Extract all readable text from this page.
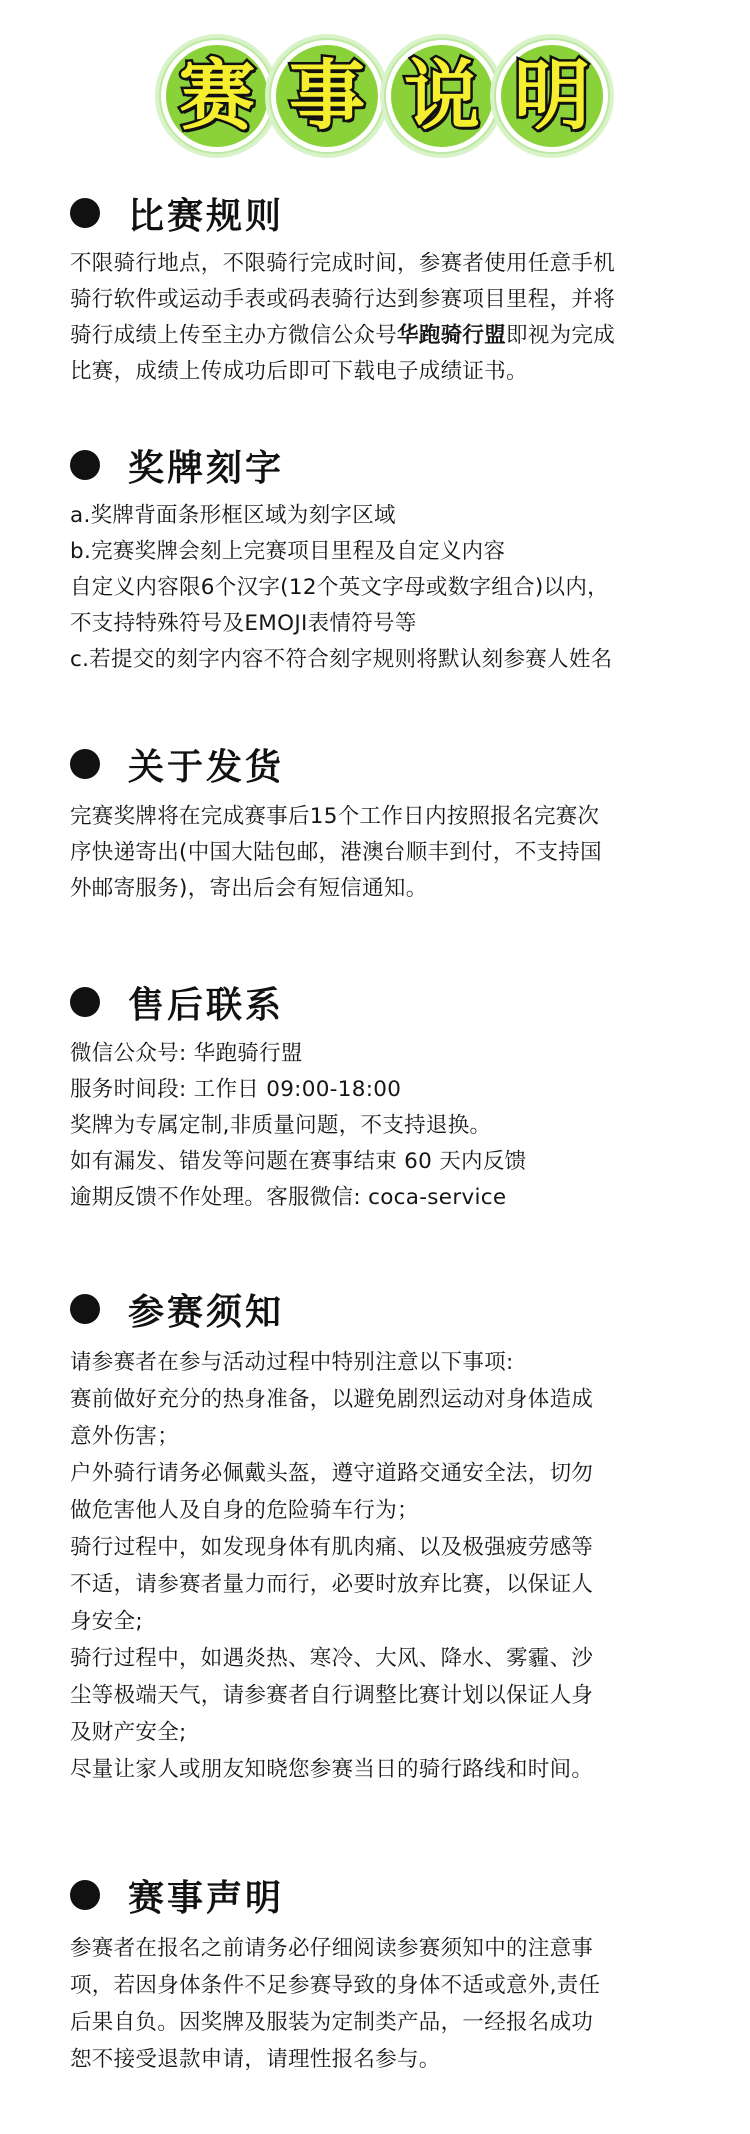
赛 事 说 明
比赛规则

不限骑行地点，不限骑行完成时间，参赛者使用任意手机
骑行软件或运动手表或码表骑行达到参赛项目里程，并将
骑行成绩上传至主办方微信公众号华跑骑行盟即视为完成
比赛，成绩上传成功后即可下载电子成绩证书。

奖牌刻字

a.奖牌背面条形框区域为刻字区域
b.完赛奖牌会刻上完赛项目里程及自定义内容
自定义内容限6个汉字(12个英文字母或数字组合)以内，
不支持特殊符号及EMOJI表情符号等
c.若提交的刻字内容不符合刻字规则将默认刻参赛人姓名

关于发货

完赛奖牌将在完成赛事后15个工作日内按照报名完赛次
序快递寄出(中国大陆包邮，港澳台顺丰到付，不支持国
外邮寄服务)，寄出后会有短信通知。

售后联系

微信公众号: 华跑骑行盟
服务时间段: 工作日 09:00-18:00
奖牌为专属定制,非质量问题，不支持退换。
如有漏发、错发等问题在赛事结束 60 天内反馈
逾期反馈不作处理。客服微信: coca-service

参赛须知

请参赛者在参与活动过程中特别注意以下事项:
赛前做好充分的热身准备，以避免剧烈运动对身体造成
意外伤害；
户外骑行请务必佩戴头盔，遵守道路交通安全法，切勿
做危害他人及自身的危险骑车行为；
骑行过程中，如发现身体有肌肉痛、以及极强疲劳感等
不适，请参赛者量力而行，必要时放弃比赛，以保证人
身安全;
骑行过程中，如遇炎热、寒冷、大风、降水、雾霾、沙
尘等极端天气，请参赛者自行调整比赛计划以保证人身
及财产安全;
尽量让家人或朋友知晓您参赛当日的骑行路线和时间。

赛事声明

参赛者在报名之前请务必仔细阅读参赛须知中的注意事
项，若因身体条件不足参赛导致的身体不适或意外,责任
后果自负。因奖牌及服装为定制类产品，一经报名成功
恕不接受退款申请，请理性报名参与。
